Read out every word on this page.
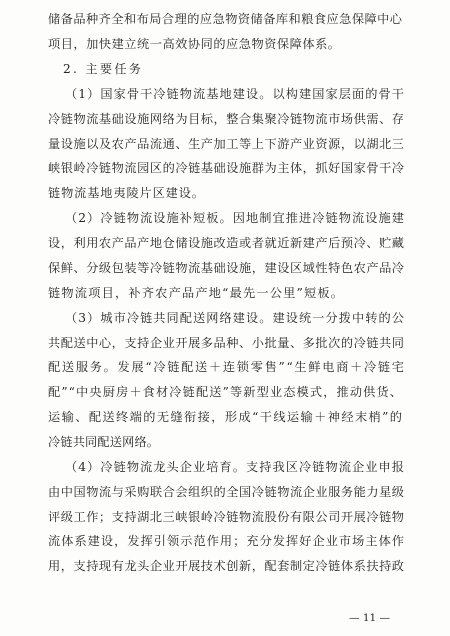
储备品种齐全和布局合理的应急物资储备库和粮食应急保障中心
项目，加快建立统一高效协同的应急物资保障体系。
2. 主要任务
（1）国家骨干冷链物流基地建设。以构建国家层面的骨干
冷链物流基础设施网络为目标，整合集聚冷链物流市场供需、存
量设施以及农产品流通、生产加工等上下游产业资源，以湖北三
峡银岭冷链物流园区的冷链基础设施群为主体，抓好国家骨干冷
链物流基地夷陵片区建设。
（2）冷链物流设施补短板。因地制宜推进冷链物流设施建
设，利用农产品产地仓储设施改造或者就近新建产后预冷、贮藏
保鲜、分级包装等冷链物流基础设施，建设区域性特色农产品冷
链物流项目，补齐农产品产地“最先一公里”短板。
（3）城市冷链共同配送网络建设。建设统一分拨中转的公
共配送中心，支持企业开展多品种、小批量、多批次的冷链共同
配送服务。发展“冷链配送＋连锁零售”“生鲜电商＋冷链宅
配”“中央厨房＋食材冷链配送”等新型业态模式，推动供货、
运输、配送终端的无缝衔接，形成“干线运输＋神经末梢”的
冷链共同配送网络。
（4）冷链物流龙头企业培育。支持我区冷链物流企业申报
由中国物流与采购联合会组织的全国冷链物流企业服务能力星级
评级工作；支持湖北三峡银岭冷链物流股份有限公司开展冷链物
流体系建设，发挥引领示范作用；充分发挥好企业市场主体作
用，支持现有龙头企业开展技术创新，配套制定冷链体系扶持政
— 11 —
